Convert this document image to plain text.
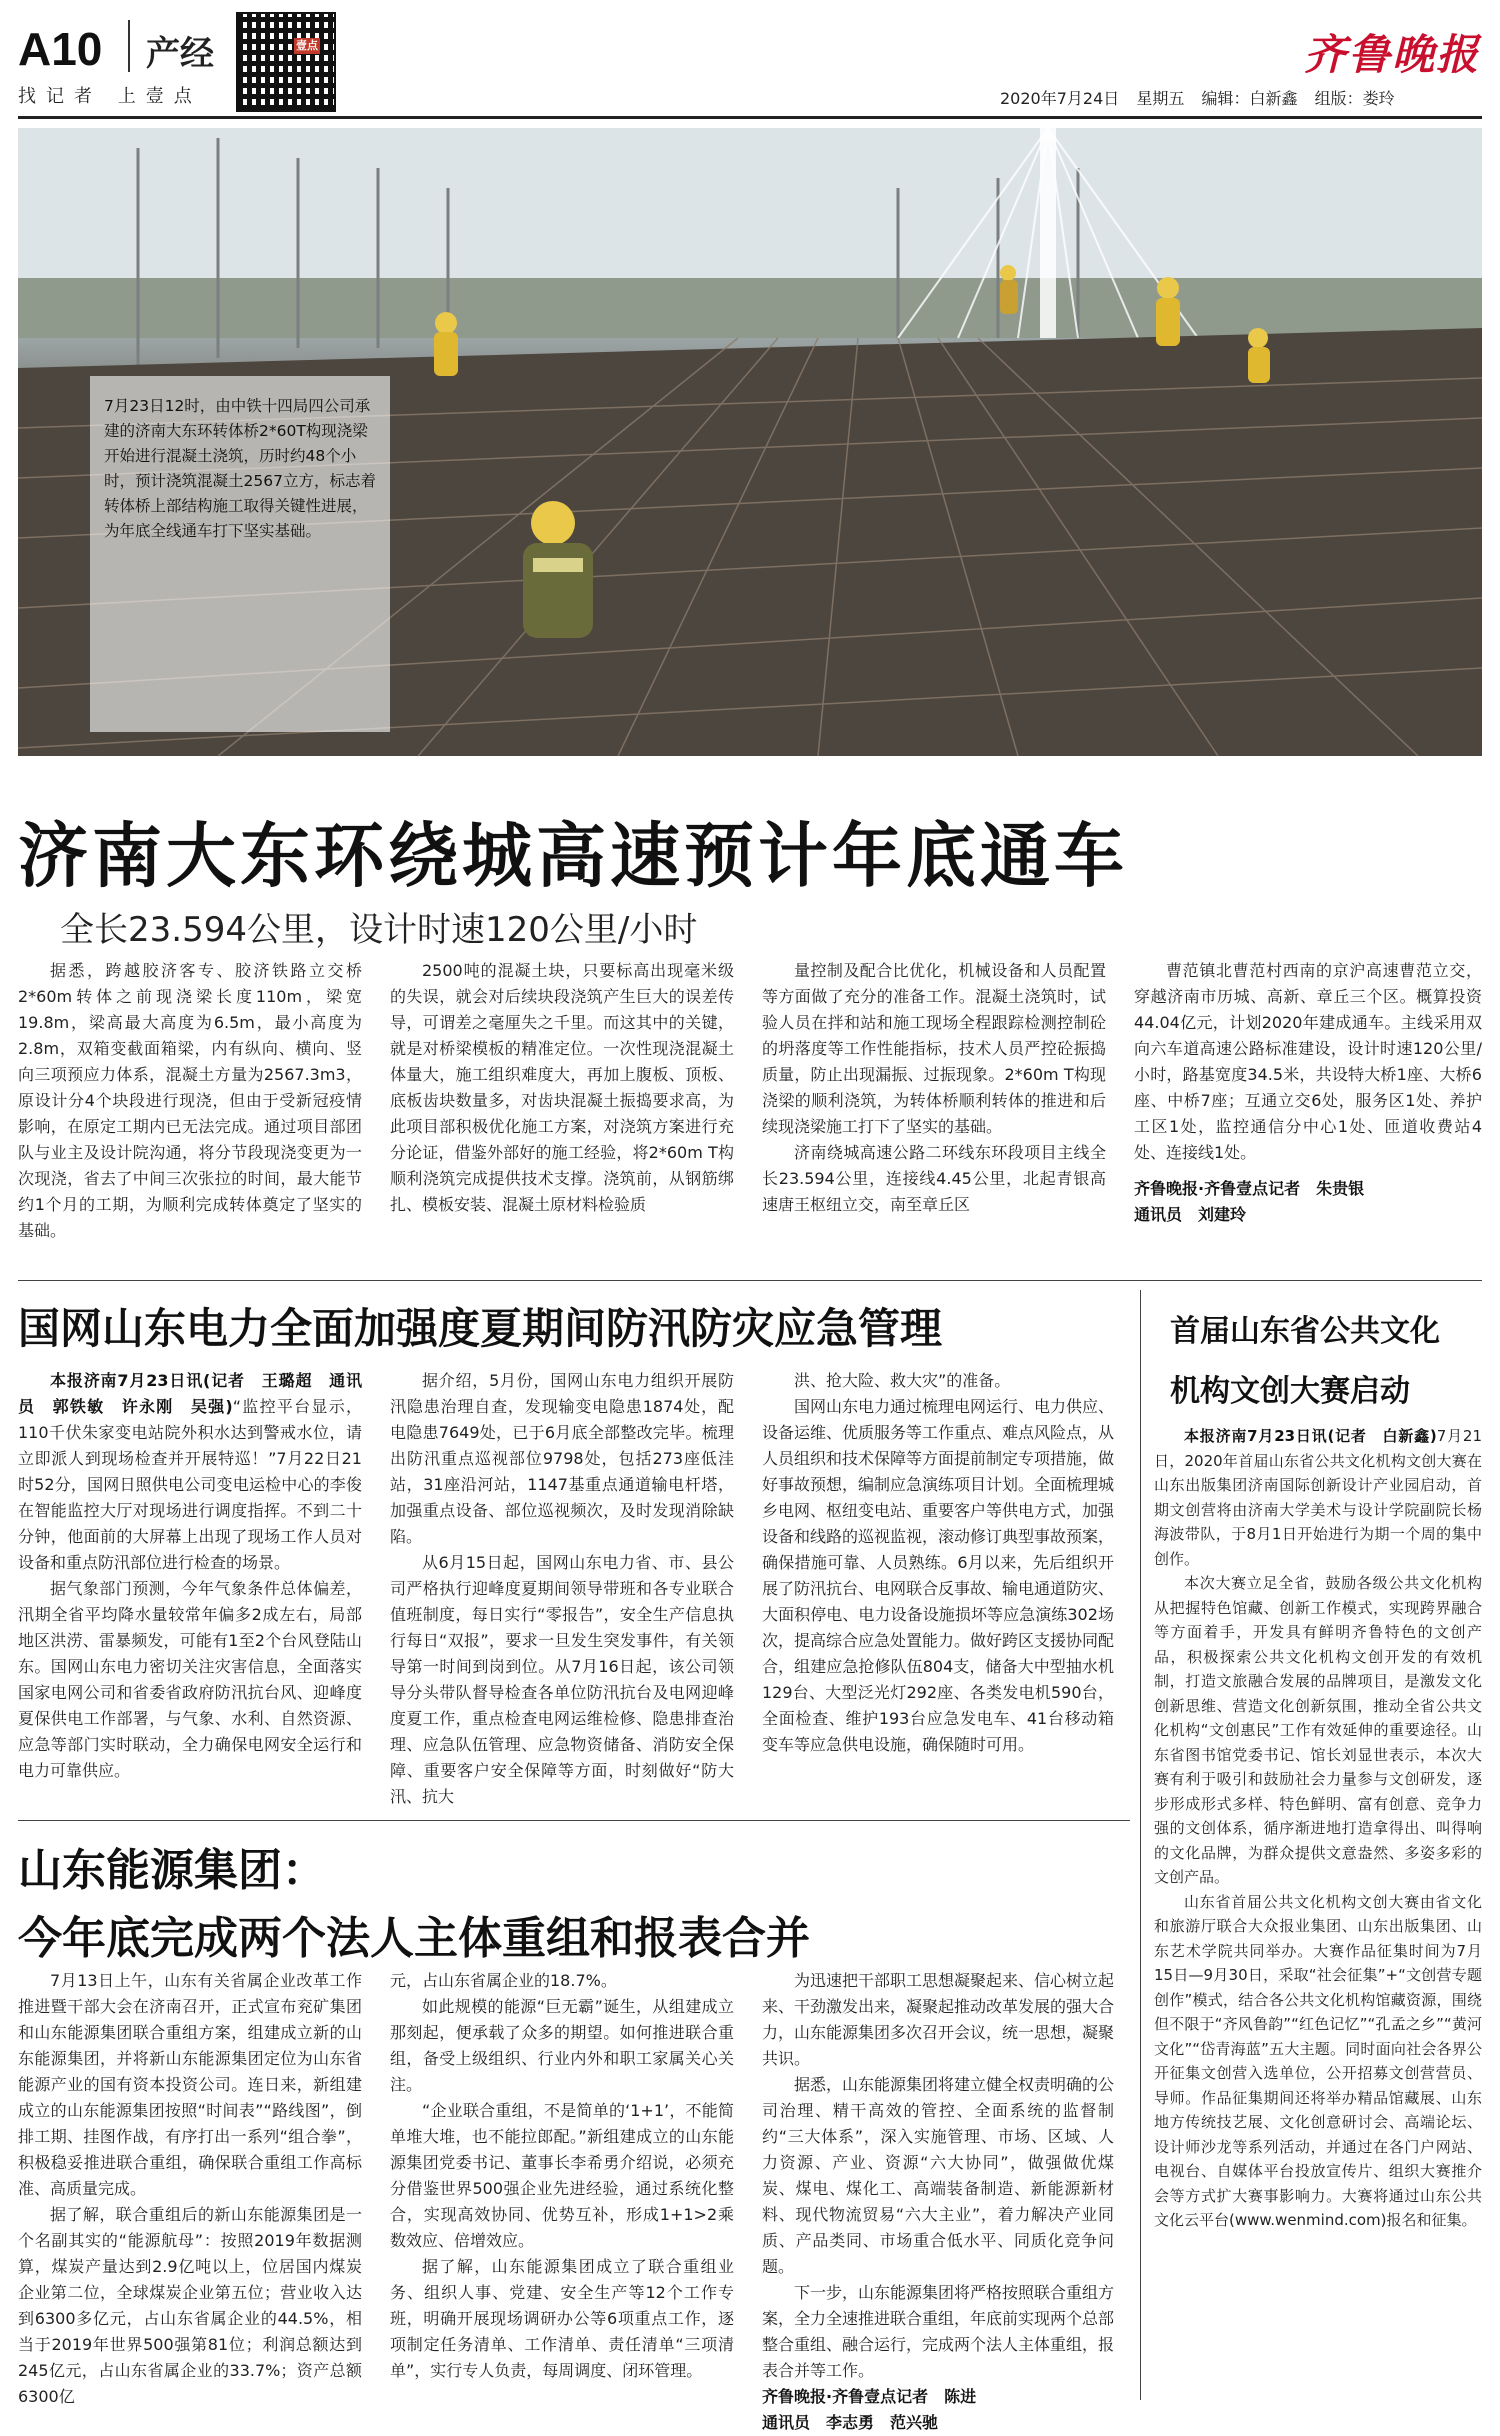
A10 产经
找记者 上壹点
壹点	齐鲁晚报
2020年7月24日 星期五 编辑：白新鑫 组版：娄玲
7月23日12时，由中铁十四局四公司承建的济南大东环转体桥2*60T构现浇梁开始进行混凝土浇筑，历时约48个小时，预计浇筑混凝土2567立方，标志着转体桥上部结构施工取得关键性进展，为年底全线通车打下坚实基础。
济南大东环绕城高速预计年底通车
全长23.594公里，设计时速120公里/小时

据悉，跨越胶济客专、胶济铁路立交桥2*60m转体之前现浇梁长度110m，梁宽19.8m，梁高最大高度为6.5m，最小高度为2.8m，双箱变截面箱梁，内有纵向、横向、竖向三项预应力体系，混凝土方量为2567.3m3，原设计分4个块段进行现浇，但由于受新冠疫情影响，在原定工期内已无法完成。通过项目部团队与业主及设计院沟通，将分节段现浇变更为一次现浇，省去了中间三次张拉的时间，最大能节约1个月的工期，为顺利完成转体奠定了坚实的基础。

2500吨的混凝土块，只要标高出现毫米级的失误，就会对后续块段浇筑产生巨大的误差传导，可谓差之毫厘失之千里。而这其中的关键，就是对桥梁模板的精准定位。一次性现浇混凝土体量大，施工组织难度大，再加上腹板、顶板、底板齿块数量多，对齿块混凝土振捣要求高，为此项目部积极优化施工方案，对浇筑方案进行充分论证，借鉴外部好的施工经验，将2*60m T构顺利浇筑完成提供技术支撑。浇筑前，从钢筋绑扎、模板安装、混凝土原材料检验质

量控制及配合比优化，机械设备和人员配置等方面做了充分的准备工作。混凝土浇筑时，试验人员在拌和站和施工现场全程跟踪检测控制砼的坍落度等工作性能指标，技术人员严控砼振捣质量，防止出现漏振、过振现象。2*60m T构现浇梁的顺利浇筑，为转体桥顺利转体的推进和后续现浇梁施工打下了坚实的基础。

济南绕城高速公路二环线东环段项目主线全长23.594公里，连接线4.45公里，北起青银高速唐王枢纽立交，南至章丘区

曹范镇北曹范村西南的京沪高速曹范立交，穿越济南市历城、高新、章丘三个区。概算投资44.04亿元，计划2020年建成通车。主线采用双向六车道高速公路标准建设，设计时速120公里/小时，路基宽度34.5米，共设特大桥1座、大桥6座、中桥7座；互通立交6处，服务区1处、养护工区1处，监控通信分中心1处、匝道收费站4处、连接线1处。

齐鲁晚报·齐鲁壹点记者　朱贵银

通讯员　刘建玲

国网山东电力全面加强度夏期间防汛防灾应急管理

本报济南7月23日讯(记者　王璐超　通讯员　郭铁敏　许永刚　吴强)“监控平台显示，110千伏朱家变电站院外积水达到警戒水位，请立即派人到现场检查并开展特巡！”7月22日21时52分，国网日照供电公司变电运检中心的李俊在智能监控大厅对现场进行调度指挥。不到二十分钟，他面前的大屏幕上出现了现场工作人员对设备和重点防汛部位进行检查的场景。

据气象部门预测，今年气象条件总体偏差，汛期全省平均降水量较常年偏多2成左右，局部地区洪涝、雷暴频发，可能有1至2个台风登陆山东。国网山东电力密切关注灾害信息，全面落实国家电网公司和省委省政府防汛抗台风、迎峰度夏保供电工作部署，与气象、水利、自然资源、应急等部门实时联动，全力确保电网安全运行和电力可靠供应。

据介绍，5月份，国网山东电力组织开展防汛隐患治理自查，发现输变电隐患1874处，配电隐患7649处，已于6月底全部整改完毕。梳理出防汛重点巡视部位9798处，包括273座低洼站，31座沿河站，1147基重点通道输电杆塔，加强重点设备、部位巡视频次，及时发现消除缺陷。

从6月15日起，国网山东电力省、市、县公司严格执行迎峰度夏期间领导带班和各专业联合值班制度，每日实行“零报告”，安全生产信息执行每日“双报”，要求一旦发生突发事件，有关领导第一时间到岗到位。从7月16日起，该公司领导分头带队督导检查各单位防汛抗台及电网迎峰度夏工作，重点检查电网运维检修、隐患排查治理、应急队伍管理、应急物资储备、消防安全保障、重要客户安全保障等方面，时刻做好“防大汛、抗大

洪、抢大险、救大灾”的准备。

国网山东电力通过梳理电网运行、电力供应、设备运维、优质服务等工作重点、难点风险点，从人员组织和技术保障等方面提前制定专项措施，做好事故预想，编制应急演练项目计划。全面梳理城乡电网、枢纽变电站、重要客户等供电方式，加强设备和线路的巡视监视，滚动修订典型事故预案，确保措施可靠、人员熟练。6月以来，先后组织开展了防汛抗台、电网联合反事故、输电通道防灾、大面积停电、电力设备设施损坏等应急演练302场次，提高综合应急处置能力。做好跨区支援协同配合，组建应急抢修队伍804支，储备大中型抽水机129台、大型泛光灯292座、各类发电机590台，全面检查、维护193台应急发电车、41台移动箱变车等应急供电设施，确保随时可用。

山东能源集团：
今年底完成两个法人主体重组和报表合并

7月13日上午，山东有关省属企业改革工作推进暨干部大会在济南召开，正式宣布兖矿集团和山东能源集团联合重组方案，组建成立新的山东能源集团，并将新山东能源集团定位为山东省能源产业的国有资本投资公司。连日来，新组建成立的山东能源集团按照“时间表”“路线图”，倒排工期、挂图作战，有序打出一系列“组合拳”，积极稳妥推进联合重组，确保联合重组工作高标准、高质量完成。

据了解，联合重组后的新山东能源集团是一个名副其实的“能源航母”：按照2019年数据测算，煤炭产量达到2.9亿吨以上，位居国内煤炭企业第二位，全球煤炭企业第五位；营业收入达到6300多亿元，占山东省属企业的44.5%，相当于2019年世界500强第81位；利润总额达到245亿元，占山东省属企业的33.7%；资产总额6300亿

元，占山东省属企业的18.7%。

如此规模的能源“巨无霸”诞生，从组建成立那刻起，便承载了众多的期望。如何推进联合重组，备受上级组织、行业内外和职工家属关心关注。

“企业联合重组，不是简单的‘1+1’，不能简单堆大堆，也不能拉郎配。”新组建成立的山东能源集团党委书记、董事长李希勇介绍说，必须充分借鉴世界500强企业先进经验，通过系统化整合，实现高效协同、优势互补，形成1+1>2乘数效应、倍增效应。

据了解，山东能源集团成立了联合重组业务、组织人事、党建、安全生产等12个工作专班，明确开展现场调研办公等6项重点工作，逐项制定任务清单、工作清单、责任清单“三项清单”，实行专人负责，每周调度、闭环管理。

为迅速把干部职工思想凝聚起来、信心树立起来、干劲激发出来，凝聚起推动改革发展的强大合力，山东能源集团多次召开会议，统一思想，凝聚共识。

据悉，山东能源集团将建立健全权责明确的公司治理、精干高效的管控、全面系统的监督制约“三大体系”，深入实施管理、市场、区域、人力资源、产业、资源“六大协同”，做强做优煤炭、煤电、煤化工、高端装备制造、新能源新材料、现代物流贸易“六大主业”，着力解决产业同质、产品类同、市场重合低水平、同质化竞争问题。

下一步，山东能源集团将严格按照联合重组方案，全力全速推进联合重组，年底前实现两个总部整合重组、融合运行，完成两个法人主体重组，报表合并等工作。

齐鲁晚报·齐鲁壹点记者　陈进

通讯员　李志勇　范兴驰

首届山东省公共文化
机构文创大赛启动

本报济南7月23日讯(记者　白新鑫)7月21日，2020年首届山东省公共文化机构文创大赛在山东出版集团济南国际创新设计产业园启动，首期文创营将由济南大学美术与设计学院副院长杨海波带队，于8月1日开始进行为期一个周的集中创作。

本次大赛立足全省，鼓励各级公共文化机构从把握特色馆藏、创新工作模式，实现跨界融合等方面着手，开发具有鲜明齐鲁特色的文创产品，积极探索公共文化机构文创开发的有效机制，打造文旅融合发展的品牌项目，是激发文化创新思维、营造文化创新氛围，推动全省公共文化机构“文创惠民”工作有效延伸的重要途径。山东省图书馆党委书记、馆长刘显世表示，本次大赛有利于吸引和鼓励社会力量参与文创研发，逐步形成形式多样、特色鲜明、富有创意、竞争力强的文创体系，循序渐进地打造拿得出、叫得响的文化品牌，为群众提供文意盎然、多姿多彩的文创产品。

山东省首届公共文化机构文创大赛由省文化和旅游厅联合大众报业集团、山东出版集团、山东艺术学院共同举办。大赛作品征集时间为7月15日—9月30日，采取“社会征集”+“文创营专题创作”模式，结合各公共文化机构馆藏资源，围绕但不限于“齐风鲁韵”“红色记忆”“孔孟之乡”“黄河文化”“岱青海蓝”五大主题。同时面向社会各界公开征集文创营入选单位，公开招募文创营营员、导师。作品征集期间还将举办精品馆藏展、山东地方传统技艺展、文化创意研讨会、高端论坛、设计师沙龙等系列活动，并通过在各门户网站、电视台、自媒体平台投放宣传片、组织大赛推介会等方式扩大赛事影响力。大赛将通过山东公共文化云平台(www.wenmind.com)报名和征集。
